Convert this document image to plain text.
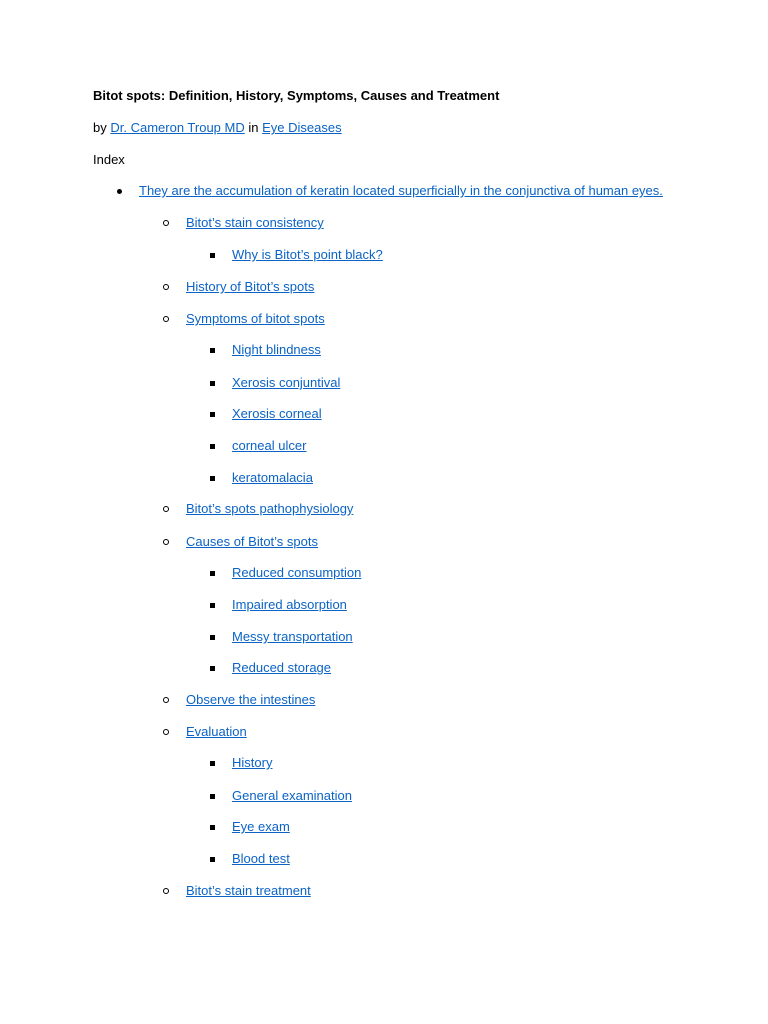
Bitot spots: Definition, History, Symptoms, Causes and Treatment
by Dr. Cameron Troup MD in Eye Diseases
Index
They are the accumulation of keratin located superficially in the conjunctiva of human eyes.
Bitot’s stain consistency
Why is Bitot’s point black?
History of Bitot’s spots
Symptoms of bitot spots
Night blindness
Xerosis conjuntival
Xerosis corneal
corneal ulcer
keratomalacia
Bitot’s spots pathophysiology
Causes of Bitot’s spots
Reduced consumption
Impaired absorption
Messy transportation
Reduced storage
Observe the intestines
Evaluation
History
General examination
Eye exam
Blood test
Bitot’s stain treatment
